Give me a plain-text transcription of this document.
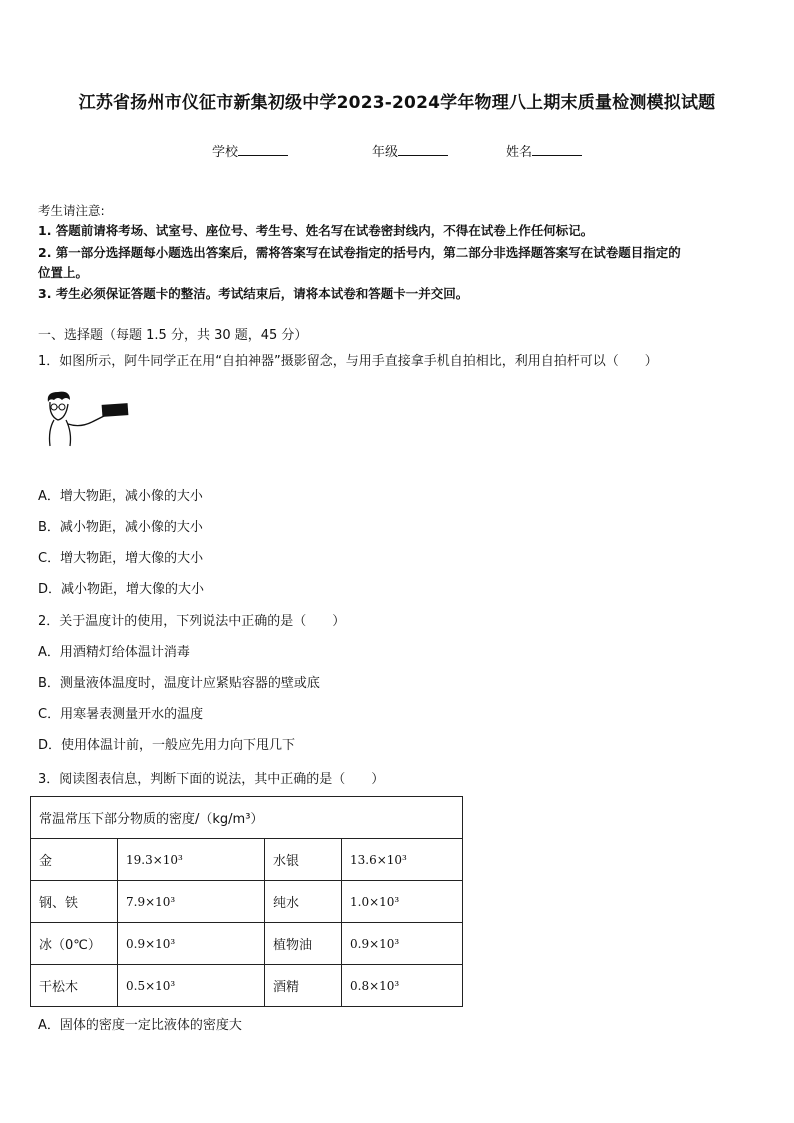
江苏省扬州市仪征市新集初级中学2023-2024学年物理八上期末质量检测模拟试题
学校	年级	姓名
考生请注意:
1. 答题前请将考场、试室号、座位号、考生号、姓名写在试卷密封线内，不得在试卷上作任何标记。
2. 第一部分选择题每小题选出答案后，需将答案写在试卷指定的括号内，第二部分非选择题答案写在试卷题目指定的
位置上。
3. 考生必须保证答题卡的整洁。考试结束后，请将本试卷和答题卡一并交回。
一、选择题（每题 1.5 分，共 30 题，45 分）
1．如图所示，阿牛同学正在用“自拍神器”摄影留念，与用手直接拿手机自拍相比，利用自拍杆可以（　　）
A．增大物距，减小像的大小
B．减小物距，减小像的大小
C．增大物距，增大像的大小
D．减小物距，增大像的大小
2．关于温度计的使用，下列说法中正确的是（　　）
A．用酒精灯给体温计消毒
B．测量液体温度时，温度计应紧贴容器的壁或底
C．用寒暑表测量开水的温度
D．使用体温计前，一般应先用力向下甩几下
3．阅读图表信息，判断下面的说法，其中正确的是（　　）
常温常压下部分物质的密度/（kg/m³）			
金	19.3×10³	水银	13.6×10³
钢、铁	7.9×10³	纯水	1.0×10³
冰（0℃）	0.9×10³	植物油	0.9×10³
干松木	0.5×10³	酒精	0.8×10³
A．固体的密度一定比液体的密度大
